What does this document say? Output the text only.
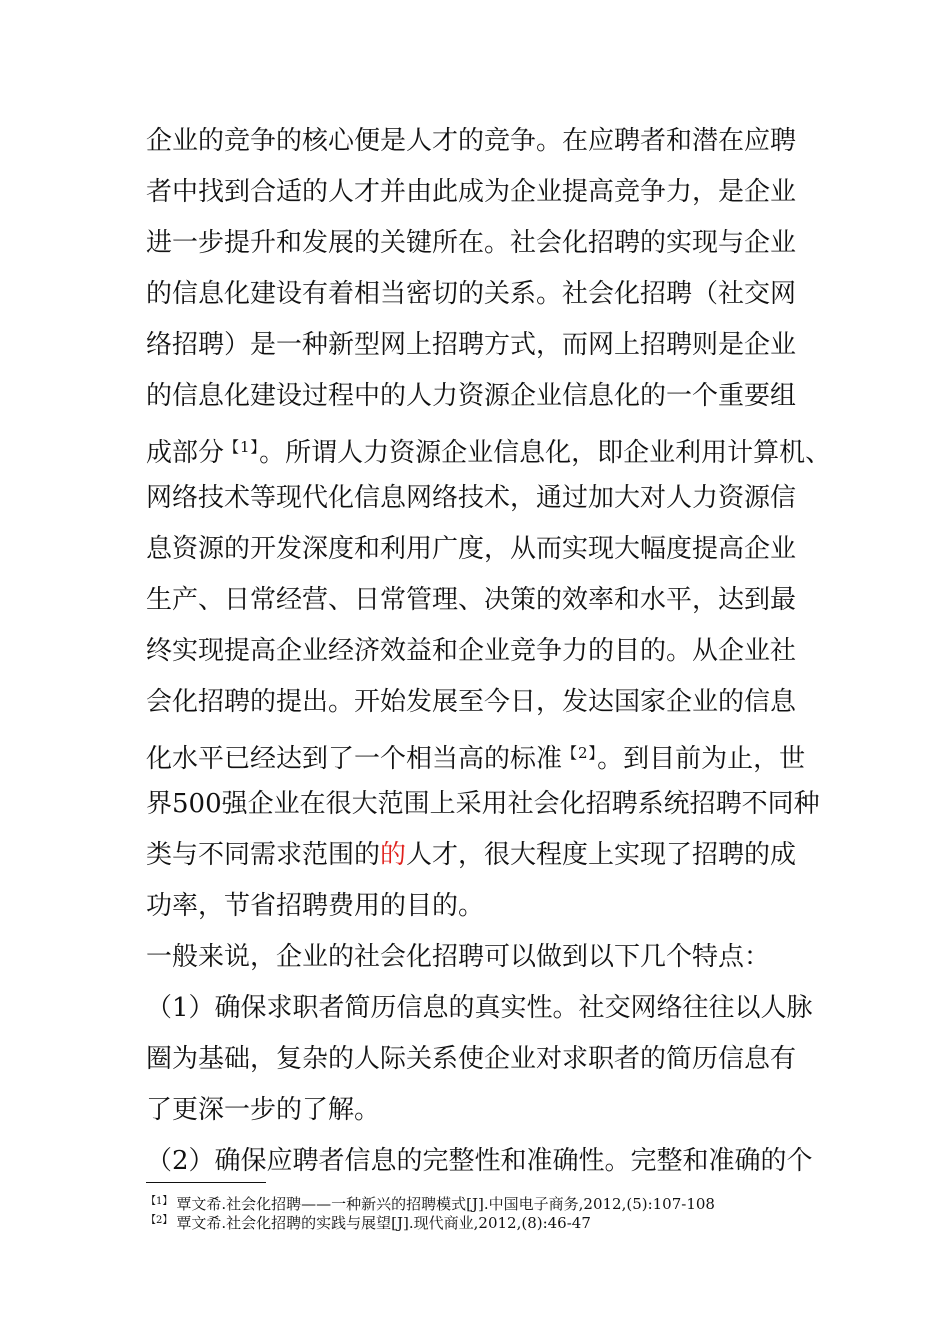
企业的竞争的核心便是人才的竞争。在应聘者和潜在应聘
者中找到合适的人才并由此成为企业提高竞争力，是企业
进一步提升和发展的关键所在。社会化招聘的实现与企业
的信息化建设有着相当密切的关系。社会化招聘（社交网
络招聘）是一种新型网上招聘方式，而网上招聘则是企业
的信息化建设过程中的人力资源企业信息化的一个重要组
成部分$^{【1】}$。所谓人力资源企业信息化，即企业利用计算机、
网络技术等现代化信息网络技术，通过加大对人力资源信
息资源的开发深度和利用广度，从而实现大幅度提高企业
生产、日常经营、日常管理、决策的效率和水平，达到最
终实现提高企业经济效益和企业竞争力的目的。从企业社
会化招聘的提出。开始发展至今日，发达国家企业的信息
化水平已经达到了一个相当高的标准$^{【2】}$。到目前为止，世
界500强企业在很大范围上采用社会化招聘系统招聘不同种
类与不同需求范围的的人才，很大程度上实现了招聘的成
功率，节省招聘费用的目的。
一般来说，企业的社会化招聘可以做到以下几个特点：
（1）确保求职者简历信息的真实性。社交网络往往以人脉
圈为基础，复杂的人际关系使企业对求职者的简历信息有
了更深一步的了解。
（2）确保应聘者信息的完整性和准确性。完整和准确的个
$^{【1】}$ 覃文希.社会化招聘——一种新兴的招聘模式[J].中国电子商务,2012,(5):107-108
$^{【2】}$ 覃文希.社会化招聘的实践与展望[J].现代商业,2012,(8):46-47
